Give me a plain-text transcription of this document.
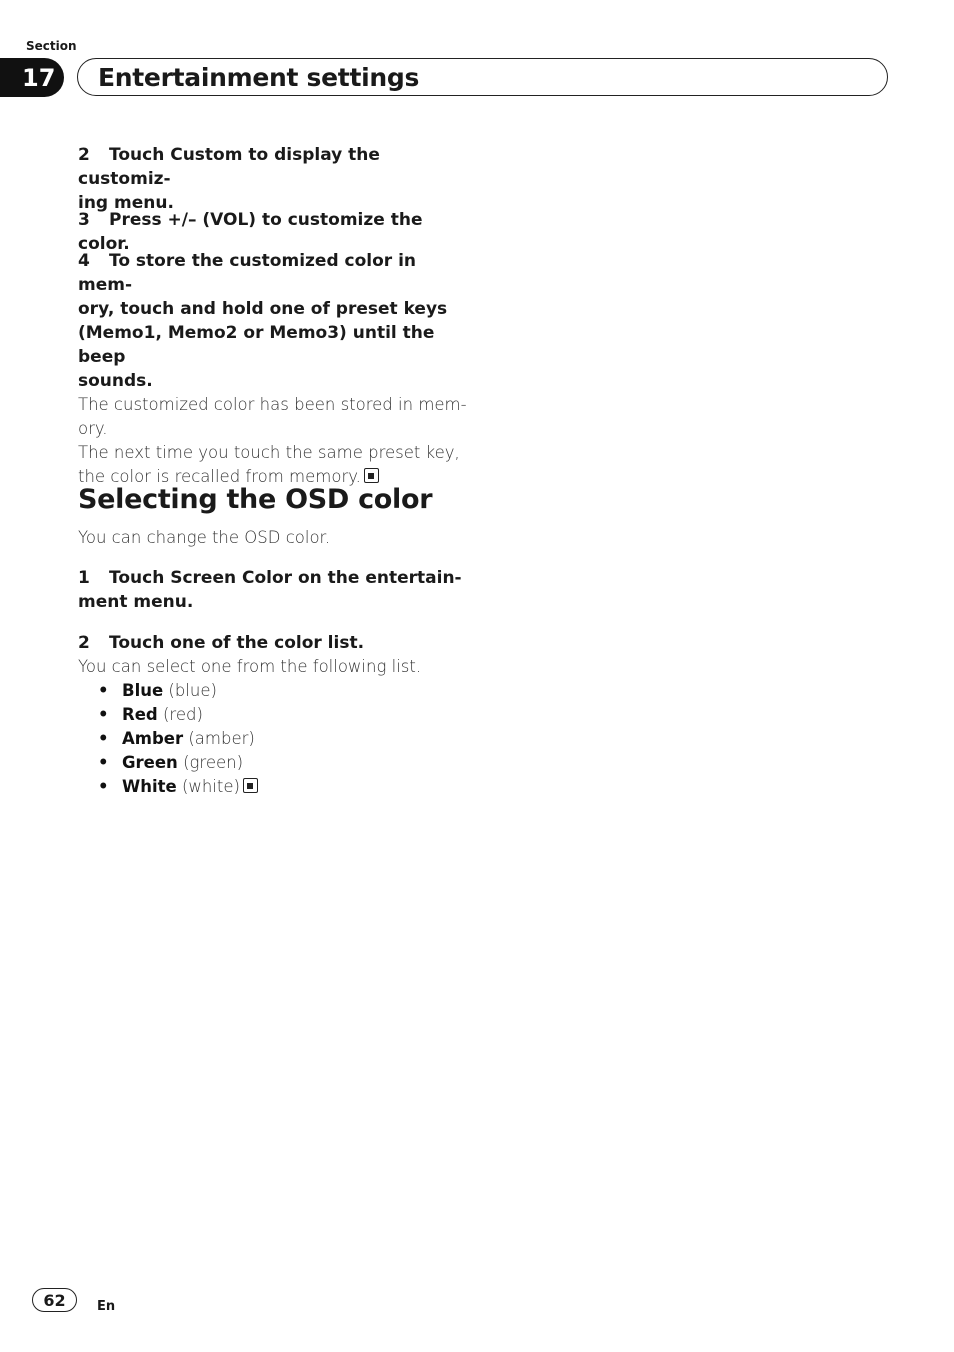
Section
17	Entertainment settings

2 Touch Custom to display the customiz-

ing menu.

3 Press +/– (VOL) to customize the color.

4 To store the customized color in mem-

ory, touch and hold one of preset keys

(Memo1, Memo2 or Memo3) until the beep

sounds.

The customized color has been stored in mem-

ory.

The next time you touch the same preset key,

the color is recalled from memory.

Selecting the OSD color

You can change the OSD color.

1 Touch Screen Color on the entertain-

ment menu.

2 Touch one of the color list.

You can select one from the following list.

• Blue (blue)
• Red (red)
• Amber (amber)
• Green (green)
• White (white)
62	En
